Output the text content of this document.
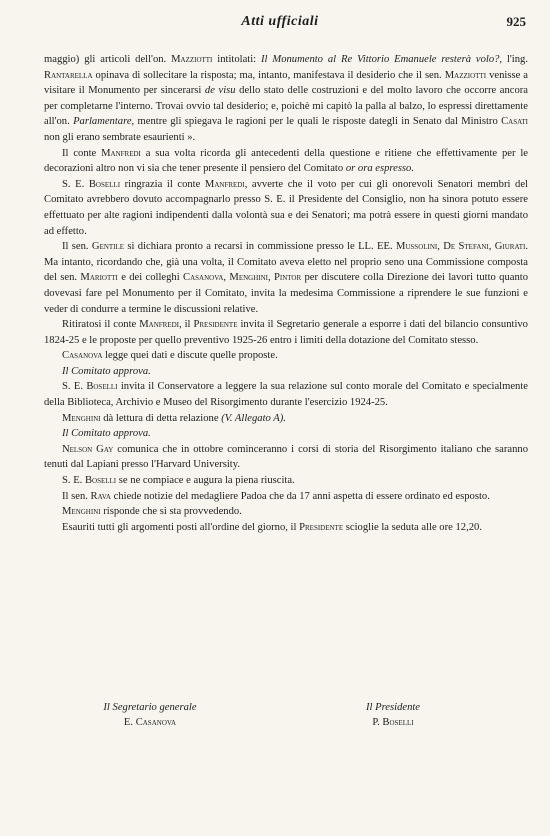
Atti ufficiali	925

maggio) gli articoli dell'on. Mazziotti intitolati: Il Monumento al Re Vittorio Emanuele resterà volo?, l'ing. Rantarella opinava di sollecitare la risposta; ma, intanto, manifestava il desiderio che il sen. Mazziotti venisse a visitare il Monumento per sincerarsi de visu dello stato delle costruzioni e del molto lavoro che occorre ancora per completarne l'interno. Trovai ovvio tal desiderio; e, poichè mi capitò la palla al balzo, lo espressi direttamente all'on. Parlamentare, mentre gli spiegava le ragioni per le quali le risposte dategli in Senato dal Ministro Casati non gli erano sembrate esaurienti ».

Il conte Manfredi a sua volta ricorda gli antecedenti della questione e ritiene che effettivamente per le decorazioni altro non vi sia che tener presente il pensiero del Comitato or ora espresso.

S. E. Boselli ringrazia il conte Manfredi, avverte che il voto per cui gli onorevoli Senatori membri del Comitato avrebbero dovuto accompagnarlo presso S. E. il Presidente del Consiglio, non ha sinora potuto essere effettuato per alte ragioni indipendenti dalla volontà sua e dei Senatori; ma potrà essere in questi giorni mandato ad effetto.

Il sen. Gentile si dichiara pronto a recarsi in commissione presso le LL. EE. Mussolini, De Stefani, Giurati. Ma intanto, ricordando che, già una volta, il Comitato aveva eletto nel proprio seno una Commissione composta del sen. Mariotti e dei colleghi Casanova, Menghini, Pintor per discutere colla Direzione dei lavori tutto quanto dovevasi fare pel Monumento per il Comitato, invita la medesima Commissione a riprendere le sue funzioni e veder di condurre a termine le discussioni relative.

Ritiratosi il conte Manfredi, il Presidente invita il Segretario generale a esporre i dati del bilancio consuntivo 1824-25 e le proposte per quello preventivo 1925-26 entro i limiti della dotazione del Comitato stesso.

Casanova legge quei dati e discute quelle proposte.

Il Comitato approva.

S. E. Boselli invita il Conservatore a leggere la sua relazione sul conto morale del Comitato e specialmente della Biblioteca, Archivio e Museo del Risorgimento durante l'esercizio 1924-25.

Menghini dà lettura di detta relazione (V. Allegato A).

Il Comitato approva.

Nelson Gay comunica che in ottobre cominceranno i corsi di storia del Risorgimento italiano che saranno tenuti dal Lapiani presso l'Harvard University.

S. E. Boselli se ne compiace e augura la piena riuscita.

Il sen. Rava chiede notizie del medagliere Padoa che da 17 anni aspetta di essere ordinato ed esposto.

Menghini risponde che si sta provvedendo.

Esauriti tutti gli argomenti posti all'ordine del giorno, il Presidente scioglie la seduta alle ore 12,20.

Il Segretario generale
E. Casanova
Il Presidente
P. Boselli
